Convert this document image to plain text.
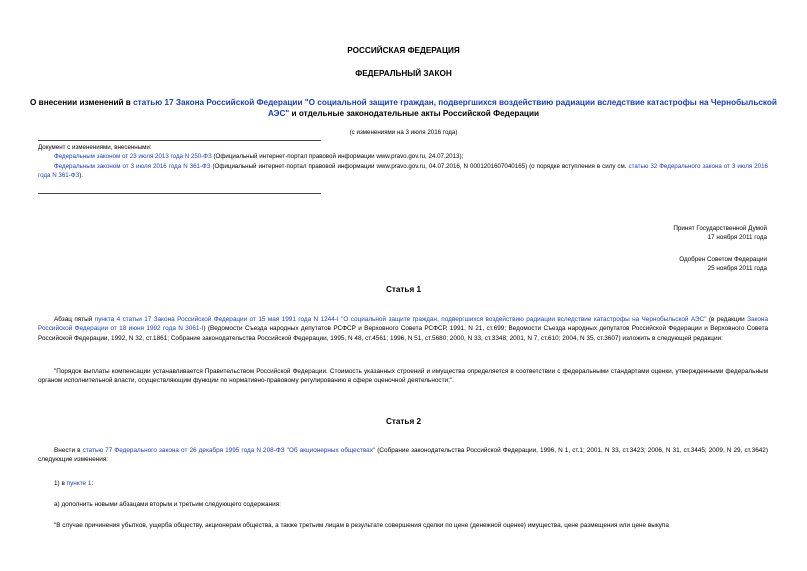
РОССИЙСКАЯ ФЕДЕРАЦИЯ
ФЕДЕРАЛЬНЫЙ ЗАКОН
О внесении изменений в статью 17 Закона Российской Федерации "О социальной защите граждан, подвергшихся воздействию радиации вследствие катастрофы на Чернобыльской АЭС" и отдельные законодательные акты Российской Федерации
(с изменениями на 3 июля 2016 года)
Документ с изменениями, внесенными:
Федеральным законом от 23 июля 2013 года N 250-ФЗ (Официальный интернет-портал правовой информации www.pravo.gov.ru, 24.07.2013);
Федеральным законом от 3 июля 2016 года N 361-ФЗ (Официальный интернет-портал правовой информации www.pravo.gov.ru, 04.07.2016, N 0001201607040165) (о порядке вступления в силу см. статью 32 Федерального закона от 3 июля 2016 года N 361-ФЗ).
Принят Государственной Думой
17 ноября 2011 года
Одобрен Советом Федерации
25 ноября 2011 года
Статья 1
Абзац пятый пункта 4 статьи 17 Закона Российской Федерации от 15 мая 1991 года N 1244-I "О социальной защите граждан, подвергшихся воздействию радиации вследствие катастрофы на Чернобыльской АЭС" (в редакции Закона Российской Федерации от 18 июня 1992 года N 3061-I) (Ведомости Съезда народных депутатов РСФСР и Верховного Совета РСФСР, 1991, N 21, ст.699; Ведомости Съезда народных депутатов Российской Федерации и Верховного Совета Российской Федерации, 1992, N 32, ст.1861; Собрание законодательства Российской Федерации, 1995, N 48, ст.4561; 1996, N 51, ст.5680; 2000, N 33, ст.3348; 2001, N 7, ст.610; 2004, N 35, ст.3607) изложить в следующей редакции:
"Порядок выплаты компенсации устанавливается Правительством Российской Федерации. Стоимость указанных строений и имущества определяется в соответствии с федеральными стандартами оценки, утвержденными федеральным органом исполнительной власти, осуществляющим функции по нормативно-правовому регулированию в сфере оценочной деятельности;".
Статья 2
Внести в статью 77 Федерального закона от 26 декабря 1995 года N 208-ФЗ "Об акционерных обществах" (Собрание законодательства Российской Федерации, 1996, N 1, ст.1; 2001, N 33, ст.3423; 2006, N 31, ст.3445; 2009, N 29, ст.3642) следующие изменения:
1) в пункте 1:
а) дополнить новыми абзацами вторым и третьим следующего содержания:
"В случае причинения убытков, ущерба обществу, акционерам общества, а также третьим лицам в результате совершения сделки по цене (денежной оценке) имущества, цене размещения или цене выкупа
